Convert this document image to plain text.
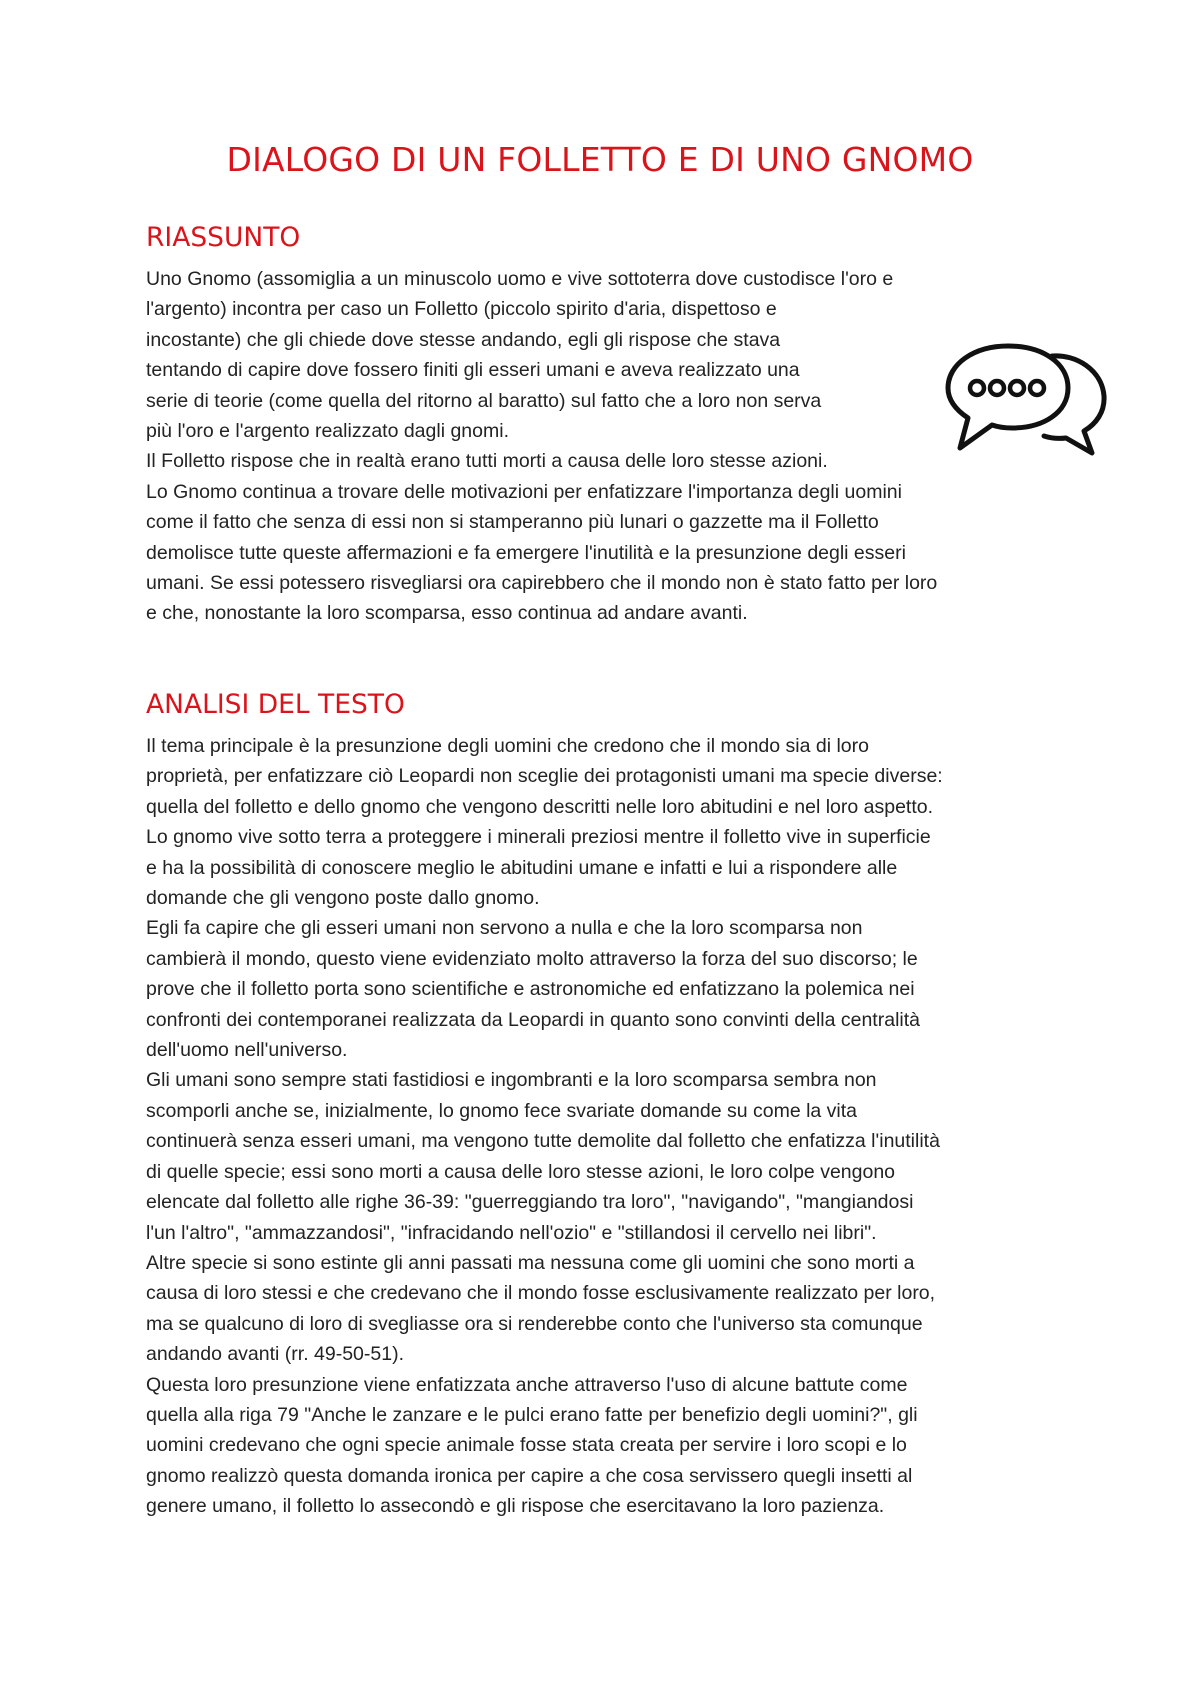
DIALOGO DI UN FOLLETTO E DI UNO GNOMO
RIASSUNTO
Uno Gnomo (assomiglia a un minuscolo uomo e vive sottoterra dove custodisce l'oro e
l'argento) incontra per caso un Folletto (piccolo spirito d'aria, dispettoso e
incostante) che gli chiede dove stesse andando, egli gli rispose che stava
tentando di capire dove fossero finiti gli esseri umani e aveva realizzato una
serie di teorie (come quella del ritorno al baratto) sul fatto che a loro non serva
più l'oro e l'argento realizzato dagli gnomi.
Il Folletto rispose che in realtà erano tutti morti a causa delle loro stesse azioni.
Lo Gnomo continua a trovare delle motivazioni per enfatizzare l'importanza degli uomini
come il fatto che senza di essi non si stamperanno più lunari o gazzette ma il Folletto
demolisce tutte queste affermazioni e fa emergere l'inutilità e la presunzione degli esseri
umani. Se essi potessero risvegliarsi ora capirebbero che il mondo non è stato fatto per loro
e che, nonostante la loro scomparsa, esso continua ad andare avanti.
ANALISI DEL TESTO
Il tema principale è la presunzione degli uomini che credono che il mondo sia di loro
proprietà, per enfatizzare ciò Leopardi non sceglie dei protagonisti umani ma specie diverse:
quella del folletto e dello gnomo che vengono descritti nelle loro abitudini e nel loro aspetto.
Lo gnomo vive sotto terra a proteggere i minerali preziosi mentre il folletto vive in superficie
e ha la possibilità di conoscere meglio le abitudini umane e infatti e lui a rispondere alle
domande che gli vengono poste dallo gnomo.
Egli fa capire che gli esseri umani non servono a nulla e che la loro scomparsa non
cambierà il mondo, questo viene evidenziato molto attraverso la forza del suo discorso; le
prove che il folletto porta sono scientifiche e astronomiche ed enfatizzano la polemica nei
confronti dei contemporanei realizzata da Leopardi in quanto sono convinti della centralità
dell'uomo nell'universo.
Gli umani sono sempre stati fastidiosi e ingombranti e la loro scomparsa sembra non
scomporli anche se, inizialmente, lo gnomo fece svariate domande su come la vita
continuerà senza esseri umani, ma vengono tutte demolite dal folletto che enfatizza l'inutilità
di quelle specie; essi sono morti a causa delle loro stesse azioni, le loro colpe vengono
elencate dal folletto alle righe 36-39: "guerreggiando tra loro", "navigando", "mangiandosi
l'un l'altro", "ammazzandosi", "infracidando nell'ozio" e "stillandosi il cervello nei libri".
Altre specie si sono estinte gli anni passati ma nessuna come gli uomini che sono morti a
causa di loro stessi e che credevano che il mondo fosse esclusivamente realizzato per loro,
ma se qualcuno di loro di svegliasse ora si renderebbe conto che l'universo sta comunque
andando avanti (rr. 49-50-51).
Questa loro presunzione viene enfatizzata anche attraverso l'uso di alcune battute come
quella alla riga 79 "Anche le zanzare e le pulci erano fatte per benefizio degli uomini?", gli
uomini credevano che ogni specie animale fosse stata creata per servire i loro scopi e lo
gnomo realizzò questa domanda ironica per capire a che cosa servissero quegli insetti al
genere umano, il folletto lo assecondò e gli rispose che esercitavano la loro pazienza.
